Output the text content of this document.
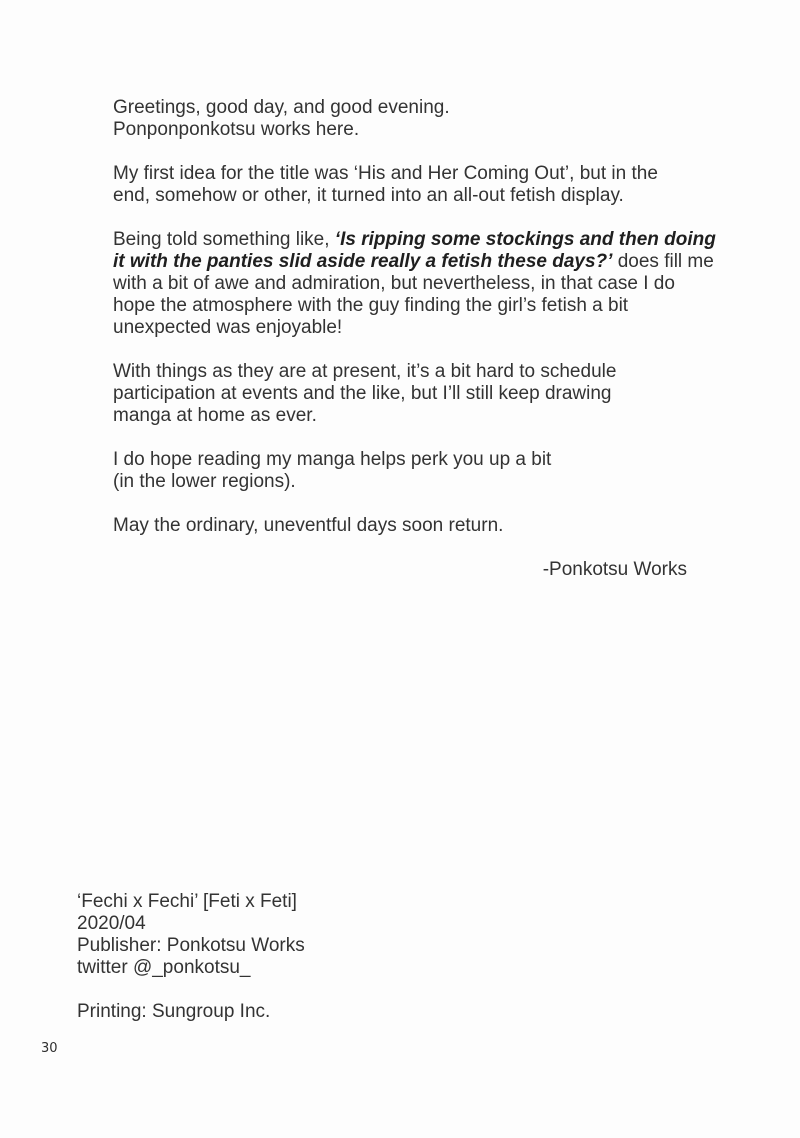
Greetings, good day, and good evening.
Ponponponkotsu works here.

My first idea for the title was ‘His and Her Coming Out’, but in the
end, somehow or other, it turned into an all-out fetish display.

Being told something like, ‘Is ripping some stockings and then doing
it with the panties slid aside really a fetish these days?’ does fill me
with a bit of awe and admiration, but nevertheless, in that case I do
hope the atmosphere with the guy finding the girl’s fetish a bit
unexpected was enjoyable!

With things as they are at present, it’s a bit hard to schedule
participation at events and the like, but I’ll still keep drawing
manga at home as ever.

I do hope reading my manga helps perk you up a bit
(in the lower regions).

May the ordinary, uneventful days soon return.

-Ponkotsu Works
‘Fechi x Fechi’ [Feti x Feti]
2020/04
Publisher: Ponkotsu Works
twitter @_ponkotsu_
Printing: Sungroup Inc.
30
